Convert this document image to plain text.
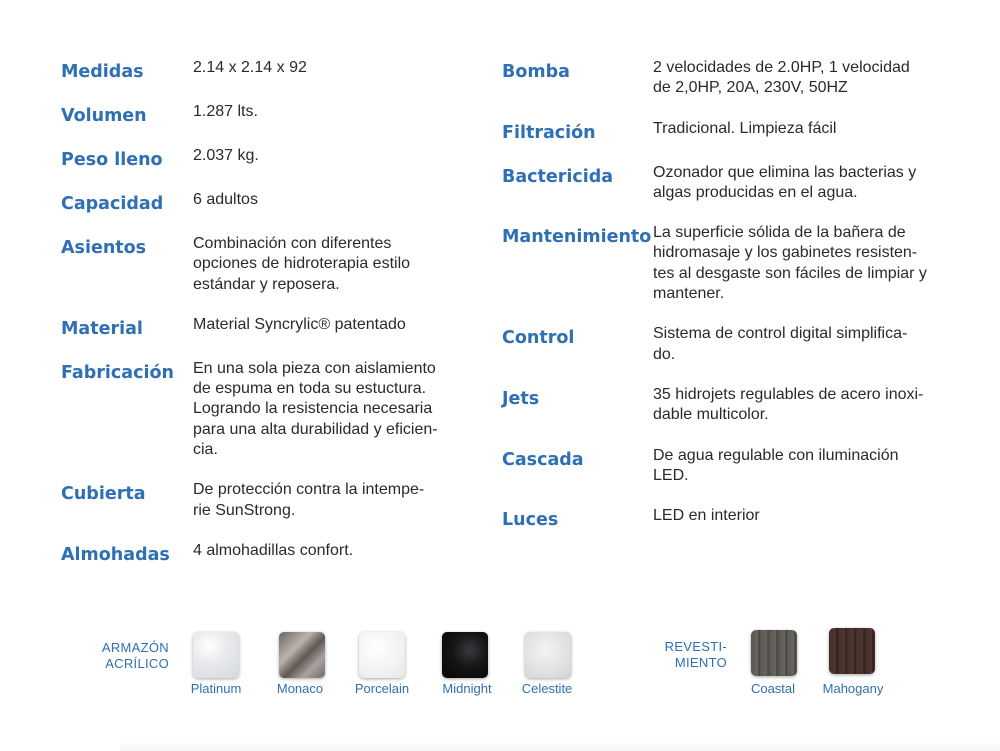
Medidas	2.14 x 2.14 x 92
Volumen	1.287 lts.
Peso lleno	2.037 kg.
Capacidad	6 adultos
Asientos	Combinación con diferentes
opciones de hidroterapia estilo
estándar y reposera.
Material	Material Syncrylic® patentado
Fabricación	En una sola pieza con aislamiento
de espuma en toda su estuctura.
Logrando la resistencia necesaria
para una alta durabilidad y eficien-
cia.
Cubierta	De protección contra la intempe-
rie SunStrong.
Almohadas	4 almohadillas confort.
Bomba	2 velocidades de 2.0HP, 1 velocidad
de 2,0HP, 20A, 230V, 50HZ
Filtración	Tradicional. Limpieza fácil
Bactericida	Ozonador que elimina las bacterias y
algas producidas en el agua.
Mantenimiento La superficie sólida de la bañera de
hidromasaje y los gabinetes resisten-
tes al desgaste son fáciles de limpiar y
mantener.
Control	Sistema de control digital simplifica-
do.
Jets	35 hidrojets regulables de acero inoxi-
dable multicolor.
Cascada	De agua regulable con iluminación
LED.
Luces	LED en interior
ARMAZÓN
ACRÍLICO
Platinum	Monaco	Porcelain	Midnight	Celestite
REVESTI-
MIENTO
Coastal	Mahogany
